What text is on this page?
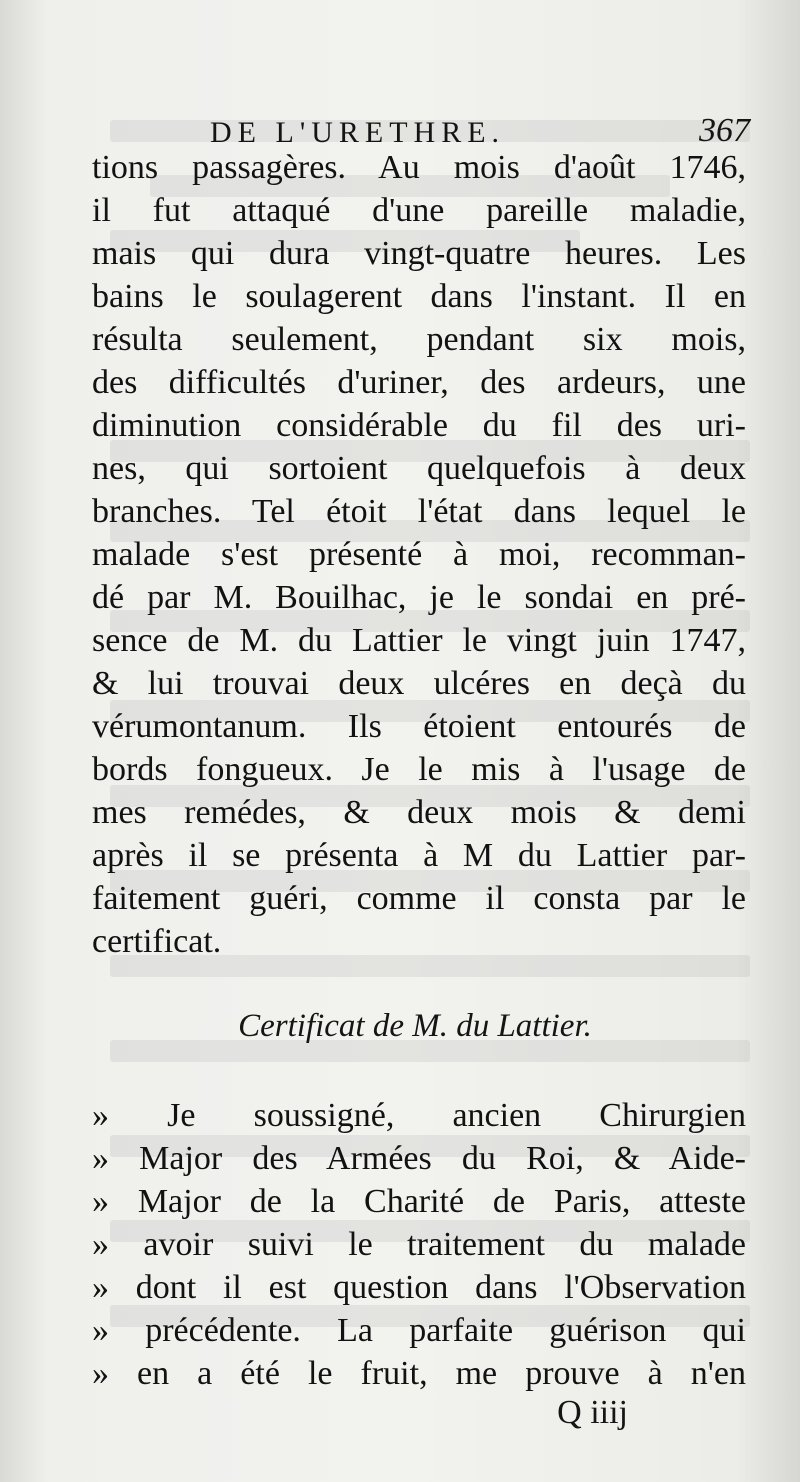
DE L'URETHRE.	367
tions passagères. Au mois d'août 1746,
il fut attaqué d'une pareille maladie,
mais qui dura vingt-quatre heures. Les
bains le soulagerent dans l'instant. Il en
résulta seulement, pendant six mois,
des difficultés d'uriner, des ardeurs, une
diminution considérable du fil des uri-
nes, qui sortoient quelquefois à deux
branches. Tel étoit l'état dans lequel le
malade s'est présenté à moi, recomman-
dé par M. Bouilhac, je le sondai en pré-
sence de M. du Lattier le vingt juin 1747,
& lui trouvai deux ulcéres en deçà du
vérumontanum. Ils étoient entourés de
bords fongueux. Je le mis à l'usage de
mes remédes, & deux mois & demi
après il se présenta à M du Lattier par-
faitement guéri, comme il consta par le
certificat.
Certificat de M. du Lattier.
» Je soussigné, ancien Chirurgien
» Major des Armées du Roi, & Aide-
» Major de la Charité de Paris, atteste
» avoir suivi le traitement du malade
» dont il est question dans l'Observation
» précédente. La parfaite guérison qui
» en a été le fruit, me prouve à n'en
Q iiij
